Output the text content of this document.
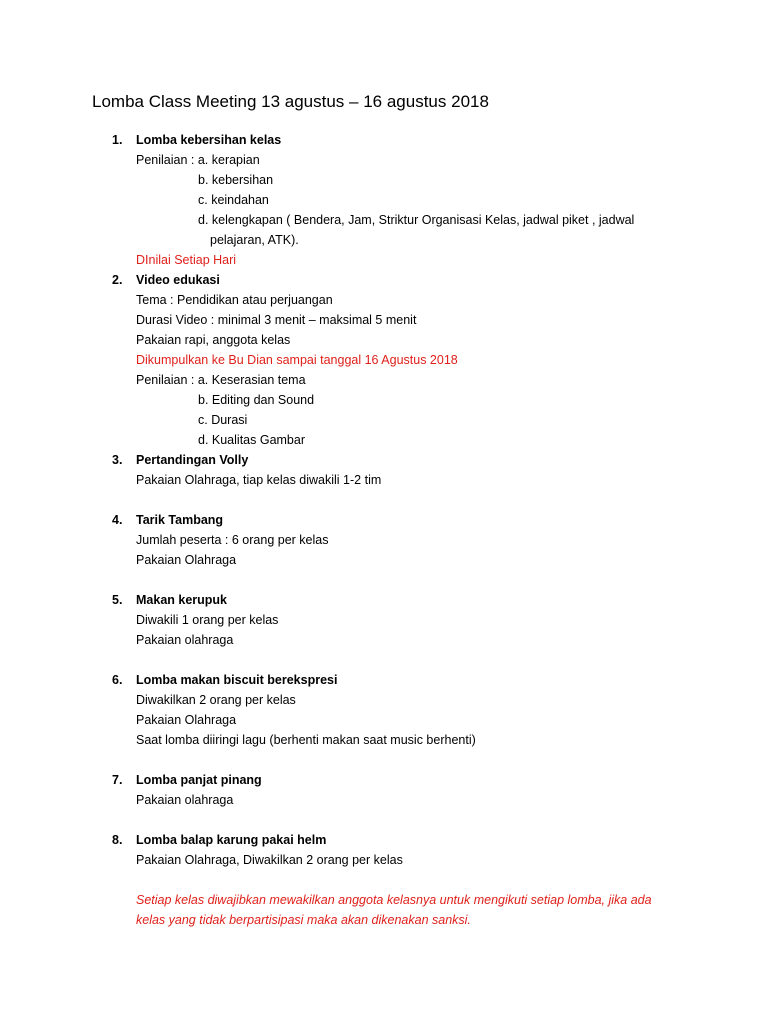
Lomba Class Meeting 13 agustus – 16 agustus 2018
1. Lomba kebersihan kelas
Penilaian : a. kerapian
b. kebersihan
c. keindahan
d. kelengkapan ( Bendera, Jam, Striktur Organisasi Kelas, jadwal piket , jadwal
pelajaran, ATK).
DInilai Setiap Hari
2. Video edukasi
Tema : Pendidikan atau perjuangan
Durasi Video : minimal 3 menit – maksimal 5 menit
Pakaian rapi, anggota kelas
Dikumpulkan ke Bu Dian sampai tanggal 16 Agustus 2018
Penilaian : a. Keserasian tema
b. Editing dan Sound
c. Durasi
d. Kualitas Gambar
3. Pertandingan Volly
Pakaian Olahraga, tiap kelas diwakili 1-2 tim
4. Tarik Tambang
Jumlah peserta : 6 orang per kelas
Pakaian Olahraga
5. Makan kerupuk
Diwakili 1 orang per kelas
Pakaian olahraga
6. Lomba makan biscuit berekspresi
Diwakilkan 2 orang per kelas
Pakaian Olahraga
Saat lomba diiringi lagu (berhenti makan saat music berhenti)
7. Lomba panjat pinang
Pakaian olahraga
8. Lomba balap karung pakai helm
Pakaian Olahraga, Diwakilkan 2 orang per kelas
Setiap kelas diwajibkan mewakilkan anggota kelasnya untuk mengikuti setiap lomba, jika ada
kelas yang tidak berpartisipasi maka akan dikenakan sanksi.
